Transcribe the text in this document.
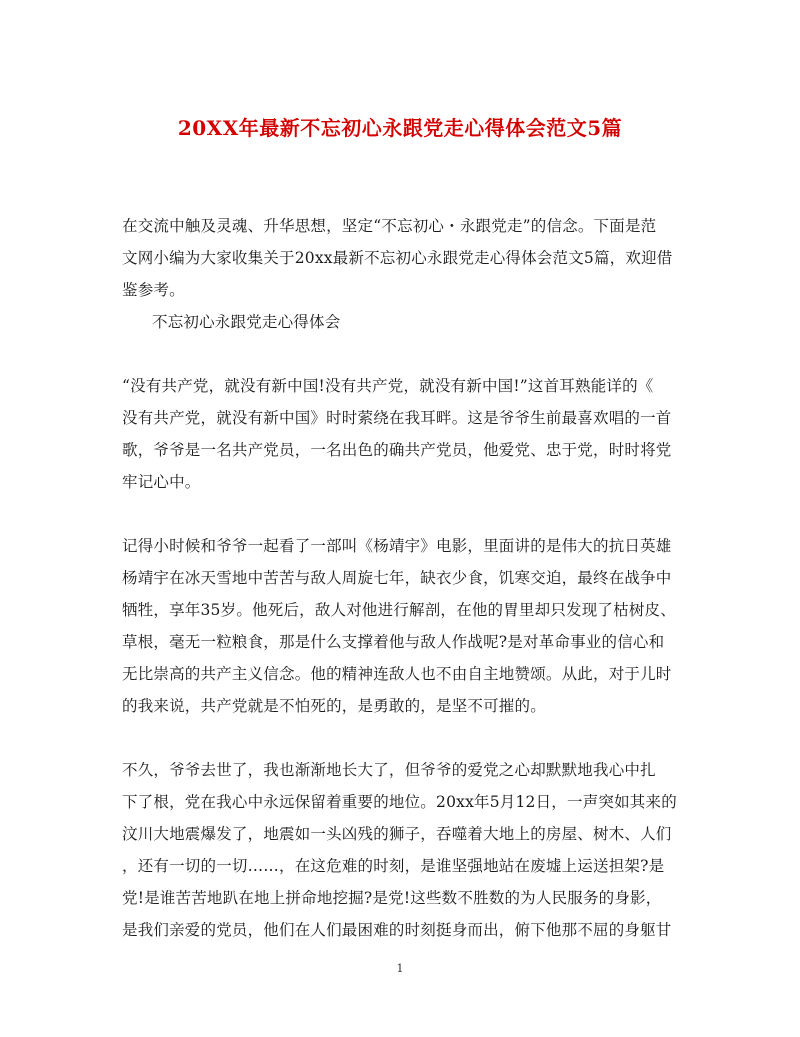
20XX年最新不忘初心永跟党走心得体会范文5篇
在交流中触及灵魂、升华思想，坚定“不忘初心・永跟党走”的信念。下面是范
文网小编为大家收集关于20xx最新不忘初心永跟党走心得体会范文5篇，欢迎借
鉴参考。
不忘初心永跟党走心得体会
“没有共产党，就没有新中国!没有共产党，就没有新中国!”这首耳熟能详的《
没有共产党，就没有新中国》时时萦绕在我耳畔。这是爷爷生前最喜欢唱的一首
歌，爷爷是一名共产党员，一名出色的确共产党员，他爱党、忠于党，时时将党
牢记心中。
记得小时候和爷爷一起看了一部叫《杨靖宇》电影，里面讲的是伟大的抗日英雄
杨靖宇在冰天雪地中苦苦与敌人周旋七年，缺衣少食，饥寒交迫，最终在战争中
牺牲，享年35岁。他死后，敌人对他进行解剖，在他的胃里却只发现了枯树皮、
草根，毫无一粒粮食，那是什么支撑着他与敌人作战呢?是对革命事业的信心和
无比崇高的共产主义信念。他的精神连敌人也不由自主地赞颂。从此，对于儿时
的我来说，共产党就是不怕死的，是勇敢的，是坚不可摧的。
不久，爷爷去世了，我也渐渐地长大了，但爷爷的爱党之心却默默地我心中扎
下了根，党在我心中永远保留着重要的地位。20xx年5月12日，一声突如其来的
汶川大地震爆发了，地震如一头凶残的狮子，吞噬着大地上的房屋、树木、人们
，还有一切的一切……，在这危难的时刻，是谁坚强地站在废墟上运送担架?是
党!是谁苦苦地趴在地上拼命地挖掘?是党!这些数不胜数的为人民服务的身影，
是我们亲爱的党员，他们在人们最困难的时刻挺身而出，俯下他那不屈的身躯甘
1
